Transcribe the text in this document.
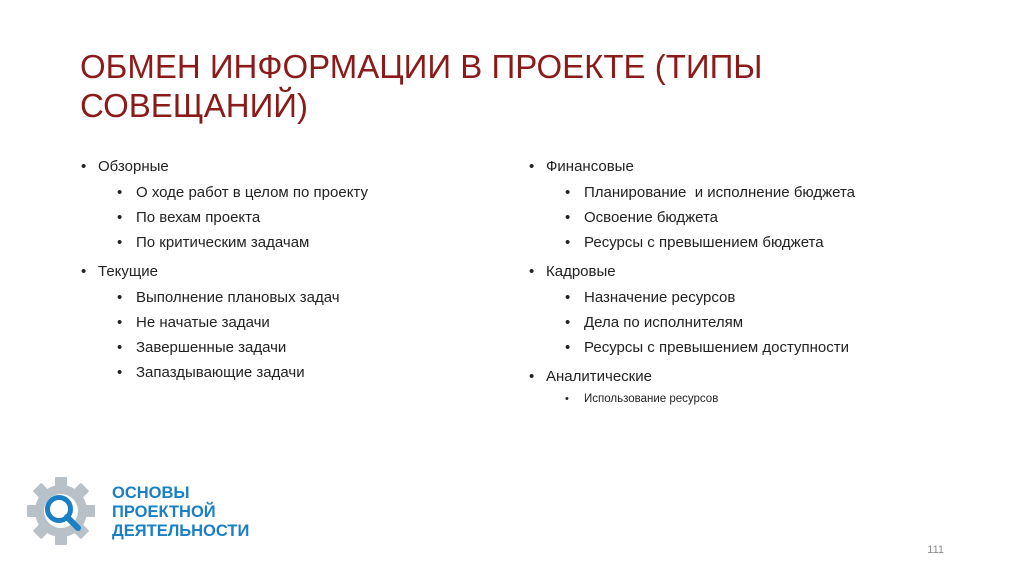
ОБМЕН ИНФОРМАЦИИ В ПРОЕКТЕ (ТИПЫ СОВЕЩАНИЙ)
• Обзорные
• О ходе работ в целом по проекту
• По вехам проекта
• По критическим задачам
• Текущие
• Выполнение плановых задач
• Не начатые задачи
• Завершенные задачи
• Запаздывающие задачи
• Финансовые
• Планирование  и исполнение бюджета
• Освоение бюджета
• Ресурсы с превышением бюджета
• Кадровые
• Назначение ресурсов
• Дела по исполнителям
• Ресурсы с превышением доступности
• Аналитические
• Использование ресурсов
ОСНОВЫ
ПРОЕКТНОЙ
ДЕЯТЕЛЬНОСТИ
111
